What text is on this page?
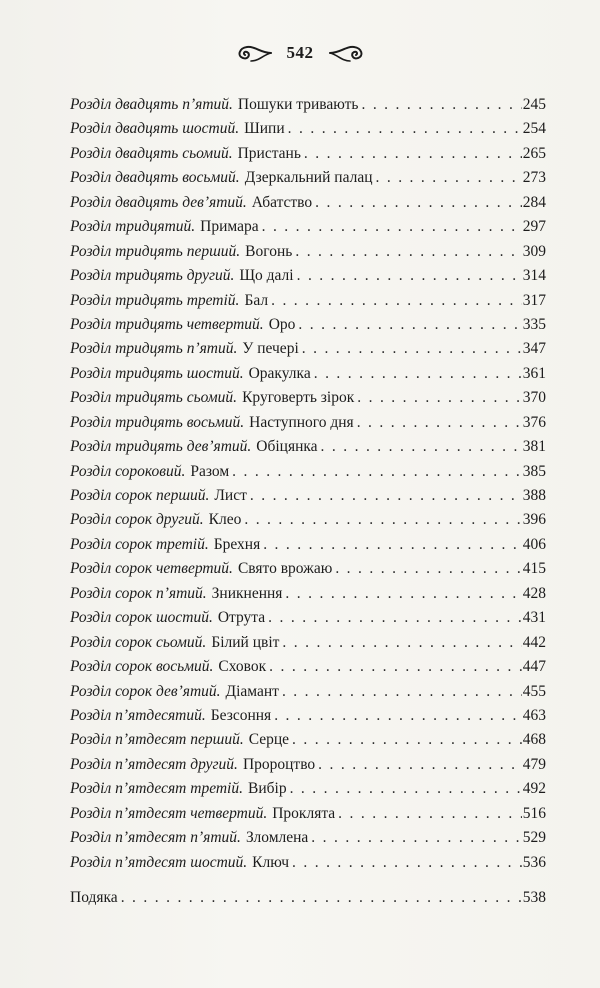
542
Розділ двадцять п’ятий. Пошуки тривають . . .	245
Розділ двадцять шостий. Шипи . . .	254
Розділ двадцять сьомий. Пристань . . .	265
Розділ двадцять восьмий. Дзеркальний палац . . .	273
Розділ двадцять дев’ятий. Абатство . . .	284
Розділ тридцятий. Примара . . .	297
Розділ тридцять перший. Вогонь . . .	309
Розділ тридцять другий. Що далі . . .	314
Розділ тридцять третій. Бал . . .	317
Розділ тридцять четвертий. Оро . . .	335
Розділ тридцять п’ятий. У печері . . .	347
Розділ тридцять шостий. Оракулка . . .	361
Розділ тридцять сьомий. Круговерть зірок . . .	370
Розділ тридцять восьмий. Наступного дня . . .	376
Розділ тридцять дев’ятий. Обіцянка . . .	381
Розділ сороковий. Разом . . .	385
Розділ сорок перший. Лист . . .	388
Розділ сорок другий. Клео . . .	396
Розділ сорок третій. Брехня . . .	406
Розділ сорок четвертий. Свято врожаю . . .	415
Розділ сорок п’ятий. Зникнення . . .	428
Розділ сорок шостий. Отрута . . .	431
Розділ сорок сьомий. Білий цвіт . . .	442
Розділ сорок восьмий. Сховок . . .	447
Розділ сорок дев’ятий. Діамант . . .	455
Розділ п’ятдесятий. Безсоння . . .	463
Розділ п’ятдесят перший. Серце . . .	468
Розділ п’ятдесят другий. Пророцтво . . .	479
Розділ п’ятдесят третій. Вибір . . .	492
Розділ п’ятдесят четвертий. Проклята . . .	516
Розділ п’ятдесят п’ятий. Зломлена . . .	529
Розділ п’ятдесят шостий. Ключ . . .	536
Подяка . . .	538
